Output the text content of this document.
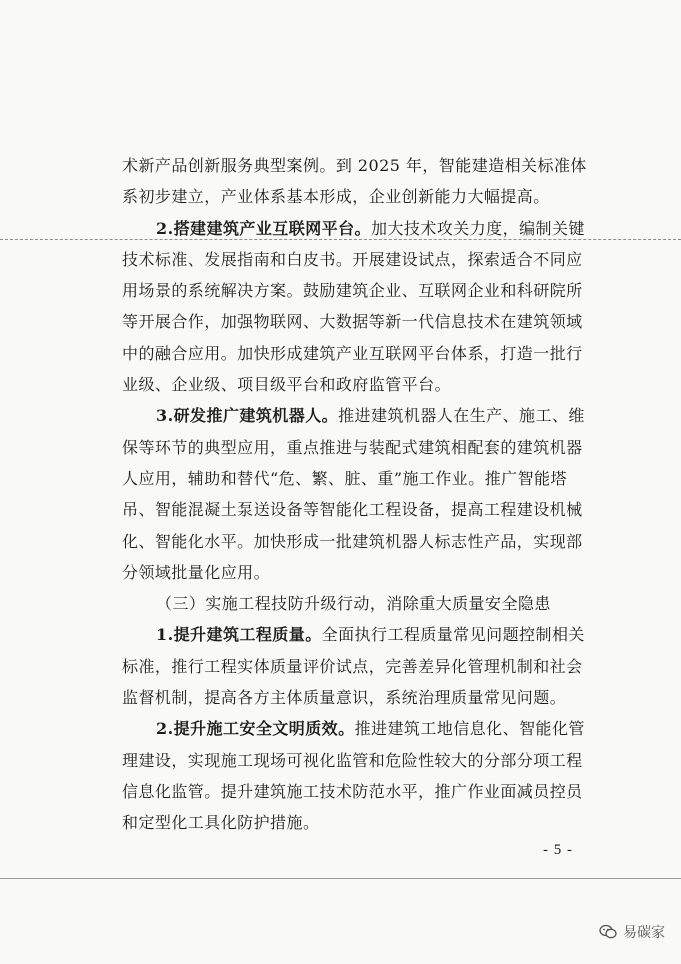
术新产品创新服务典型案例。到 2025 年，智能建造相关标准体
系初步建立，产业体系基本形成，企业创新能力大幅提高。
2.搭建建筑产业互联网平台。加大技术攻关力度，编制关键
技术标准、发展指南和白皮书。开展建设试点，探索适合不同应
用场景的系统解决方案。鼓励建筑企业、互联网企业和科研院所
等开展合作，加强物联网、大数据等新一代信息技术在建筑领域
中的融合应用。加快形成建筑产业互联网平台体系，打造一批行
业级、企业级、项目级平台和政府监管平台。
3.研发推广建筑机器人。推进建筑机器人在生产、施工、维
保等环节的典型应用，重点推进与装配式建筑相配套的建筑机器
人应用，辅助和替代“危、繁、脏、重”施工作业。推广智能塔
吊、智能混凝土泵送设备等智能化工程设备，提高工程建设机械
化、智能化水平。加快形成一批建筑机器人标志性产品，实现部
分领域批量化应用。
（三）实施工程技防升级行动，消除重大质量安全隐患
1.提升建筑工程质量。全面执行工程质量常见问题控制相关
标准，推行工程实体质量评价试点，完善差异化管理机制和社会
监督机制，提高各方主体质量意识，系统治理质量常见问题。
2.提升施工安全文明质效。推进建筑工地信息化、智能化管
理建设，实现施工现场可视化监管和危险性较大的分部分项工程
信息化监管。提升建筑施工技术防范水平，推广作业面减员控员
和定型化工具化防护措施。
- 5 -
易碳家
